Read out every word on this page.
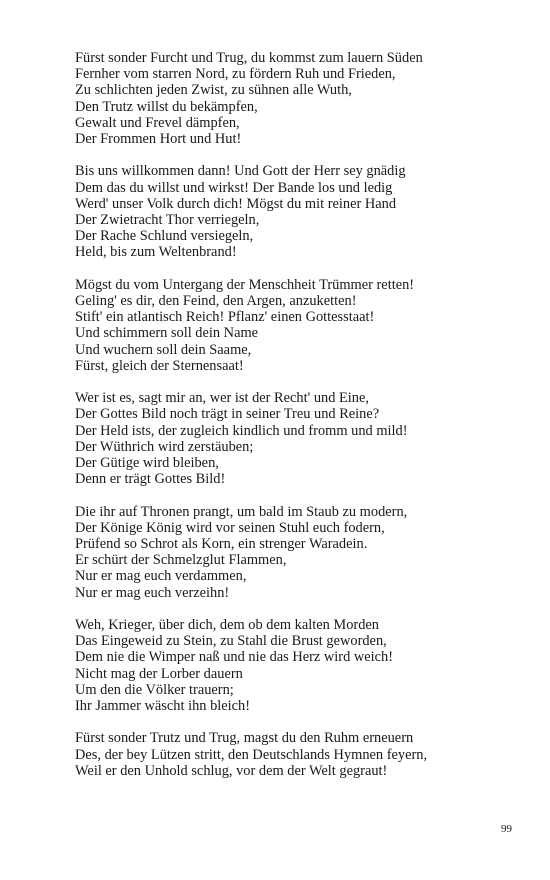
Fürst sonder Furcht und Trug, du kommst zum lauern Süden
Fernher vom starren Nord, zu fördern Ruh und Frieden,
Zu schlichten jeden Zwist, zu sühnen alle Wuth,
Den Trutz willst du bekämpfen,
Gewalt und Frevel dämpfen,
Der Frommen Hort und Hut!
Bis uns willkommen dann! Und Gott der Herr sey gnädig
Dem das du willst und wirkst! Der Bande los und ledig
Werd' unser Volk durch dich! Mögst du mit reiner Hand
Der Zwietracht Thor verriegeln,
Der Rache Schlund versiegeln,
Held, bis zum Weltenbrand!
Mögst du vom Untergang der Menschheit Trümmer retten!
Geling' es dir, den Feind, den Argen, anzuketten!
Stift' ein atlantisch Reich! Pflanz' einen Gottesstaat!
Und schimmern soll dein Name
Und wuchern soll dein Saame,
Fürst, gleich der Sternensaat!
Wer ist es, sagt mir an, wer ist der Recht' und Eine,
Der Gottes Bild noch trägt in seiner Treu und Reine?
Der Held ists, der zugleich kindlich und fromm und mild!
Der Wüthrich wird zerstäuben;
Der Gütige wird bleiben,
Denn er trägt Gottes Bild!
Die ihr auf Thronen prangt, um bald im Staub zu modern,
Der Könige König wird vor seinen Stuhl euch fodern,
Prüfend so Schrot als Korn, ein strenger Waradein.
Er schürt der Schmelzglut Flammen,
Nur er mag euch verdammen,
Nur er mag euch verzeihn!
Weh, Krieger, über dich, dem ob dem kalten Morden
Das Eingeweid zu Stein, zu Stahl die Brust geworden,
Dem nie die Wimper naß und nie das Herz wird weich!
Nicht mag der Lorber dauern
Um den die Völker trauern;
Ihr Jammer wäscht ihn bleich!
Fürst sonder Trutz und Trug, magst du den Ruhm erneuern
Des, der bey Lützen stritt, den Deutschlands Hymnen feyern,
Weil er den Unhold schlug, vor dem der Welt gegraut!
99
